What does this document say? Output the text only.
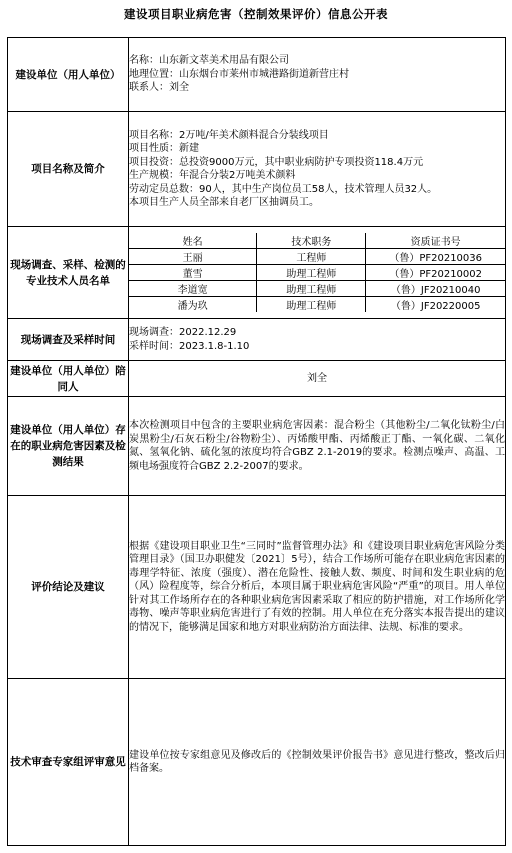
建设项目职业病危害（控制效果评价）信息公开表
建设单位（用人单位）	
名称：山东新文萃美术用品有限公司
地理位置：山东烟台市莱州市城港路街道新营庄村
联系人：刘全

项目名称及简介	
项目名称：2万吨/年美术颜料混合分装线项目
项目性质：新建
项目投资：总投资9000万元，其中职业病防护专项投资118.4万元
生产规模：年混合分装2万吨美术颜料
劳动定员总数：90人，其中生产岗位员工58人，技术管理人员32人。
本项目生产人员全部来自老厂区抽调员工。

现场调查、采样、检测的专业技术人员名单	
姓名	技术职务	资质证书号
王丽	工程师	（鲁）PF20210036
董雪	助理工程师	（鲁）PF20210002
李道宽	助理工程师	（鲁）JF20210040
潘为玖	助理工程师	（鲁）JF20220005

现场调查及采样时间	
现场调查：2022.12.29
采样时间：2023.1.8-1.10

建设单位（用人单位）陪同人	刘全
建设单位（用人单位）存在的职业病危害因素及检测结果	
本次检测项目中包含的主要职业病危害因素：混合粉尘（其他粉尘/二氧化钛粉尘/白炭黑粉尘/石灰石粉尘/谷物粉尘）、丙烯酸甲酯、丙烯酸正丁酯、一氧化碳、二氧化氮、氢氧化钠、硫化氢的浓度均符合GBZ 2.1-2019的要求。检测点噪声、高温、工频电场强度符合GBZ 2.2-2007的要求。

评价结论及建议	
根据《建设项目职业卫生“三同时”监督管理办法》和《建设项目职业病危害风险分类管理目录》（国卫办职健发〔2021〕5号），结合工作场所可能存在职业病危害因素的毒理学特征、浓度（强度）、潜在危险性、接触人数、频度、时间和发生职业病的危（风）险程度等，综合分析后，本项目属于职业病危害风险“严重”的项目。用人单位针对其工作场所存在的各种职业病危害因素采取了相应的防护措施，对工作场所化学毒物、噪声等职业病危害进行了有效的控制。用人单位在充分落实本报告提出的建议的情况下，能够满足国家和地方对职业病防治方面法律、法规、标准的要求。

技术审查专家组评审意见	
建设单位按专家组意见及修改后的《控制效果评价报告书》意见进行整改，整改后归档备案。
